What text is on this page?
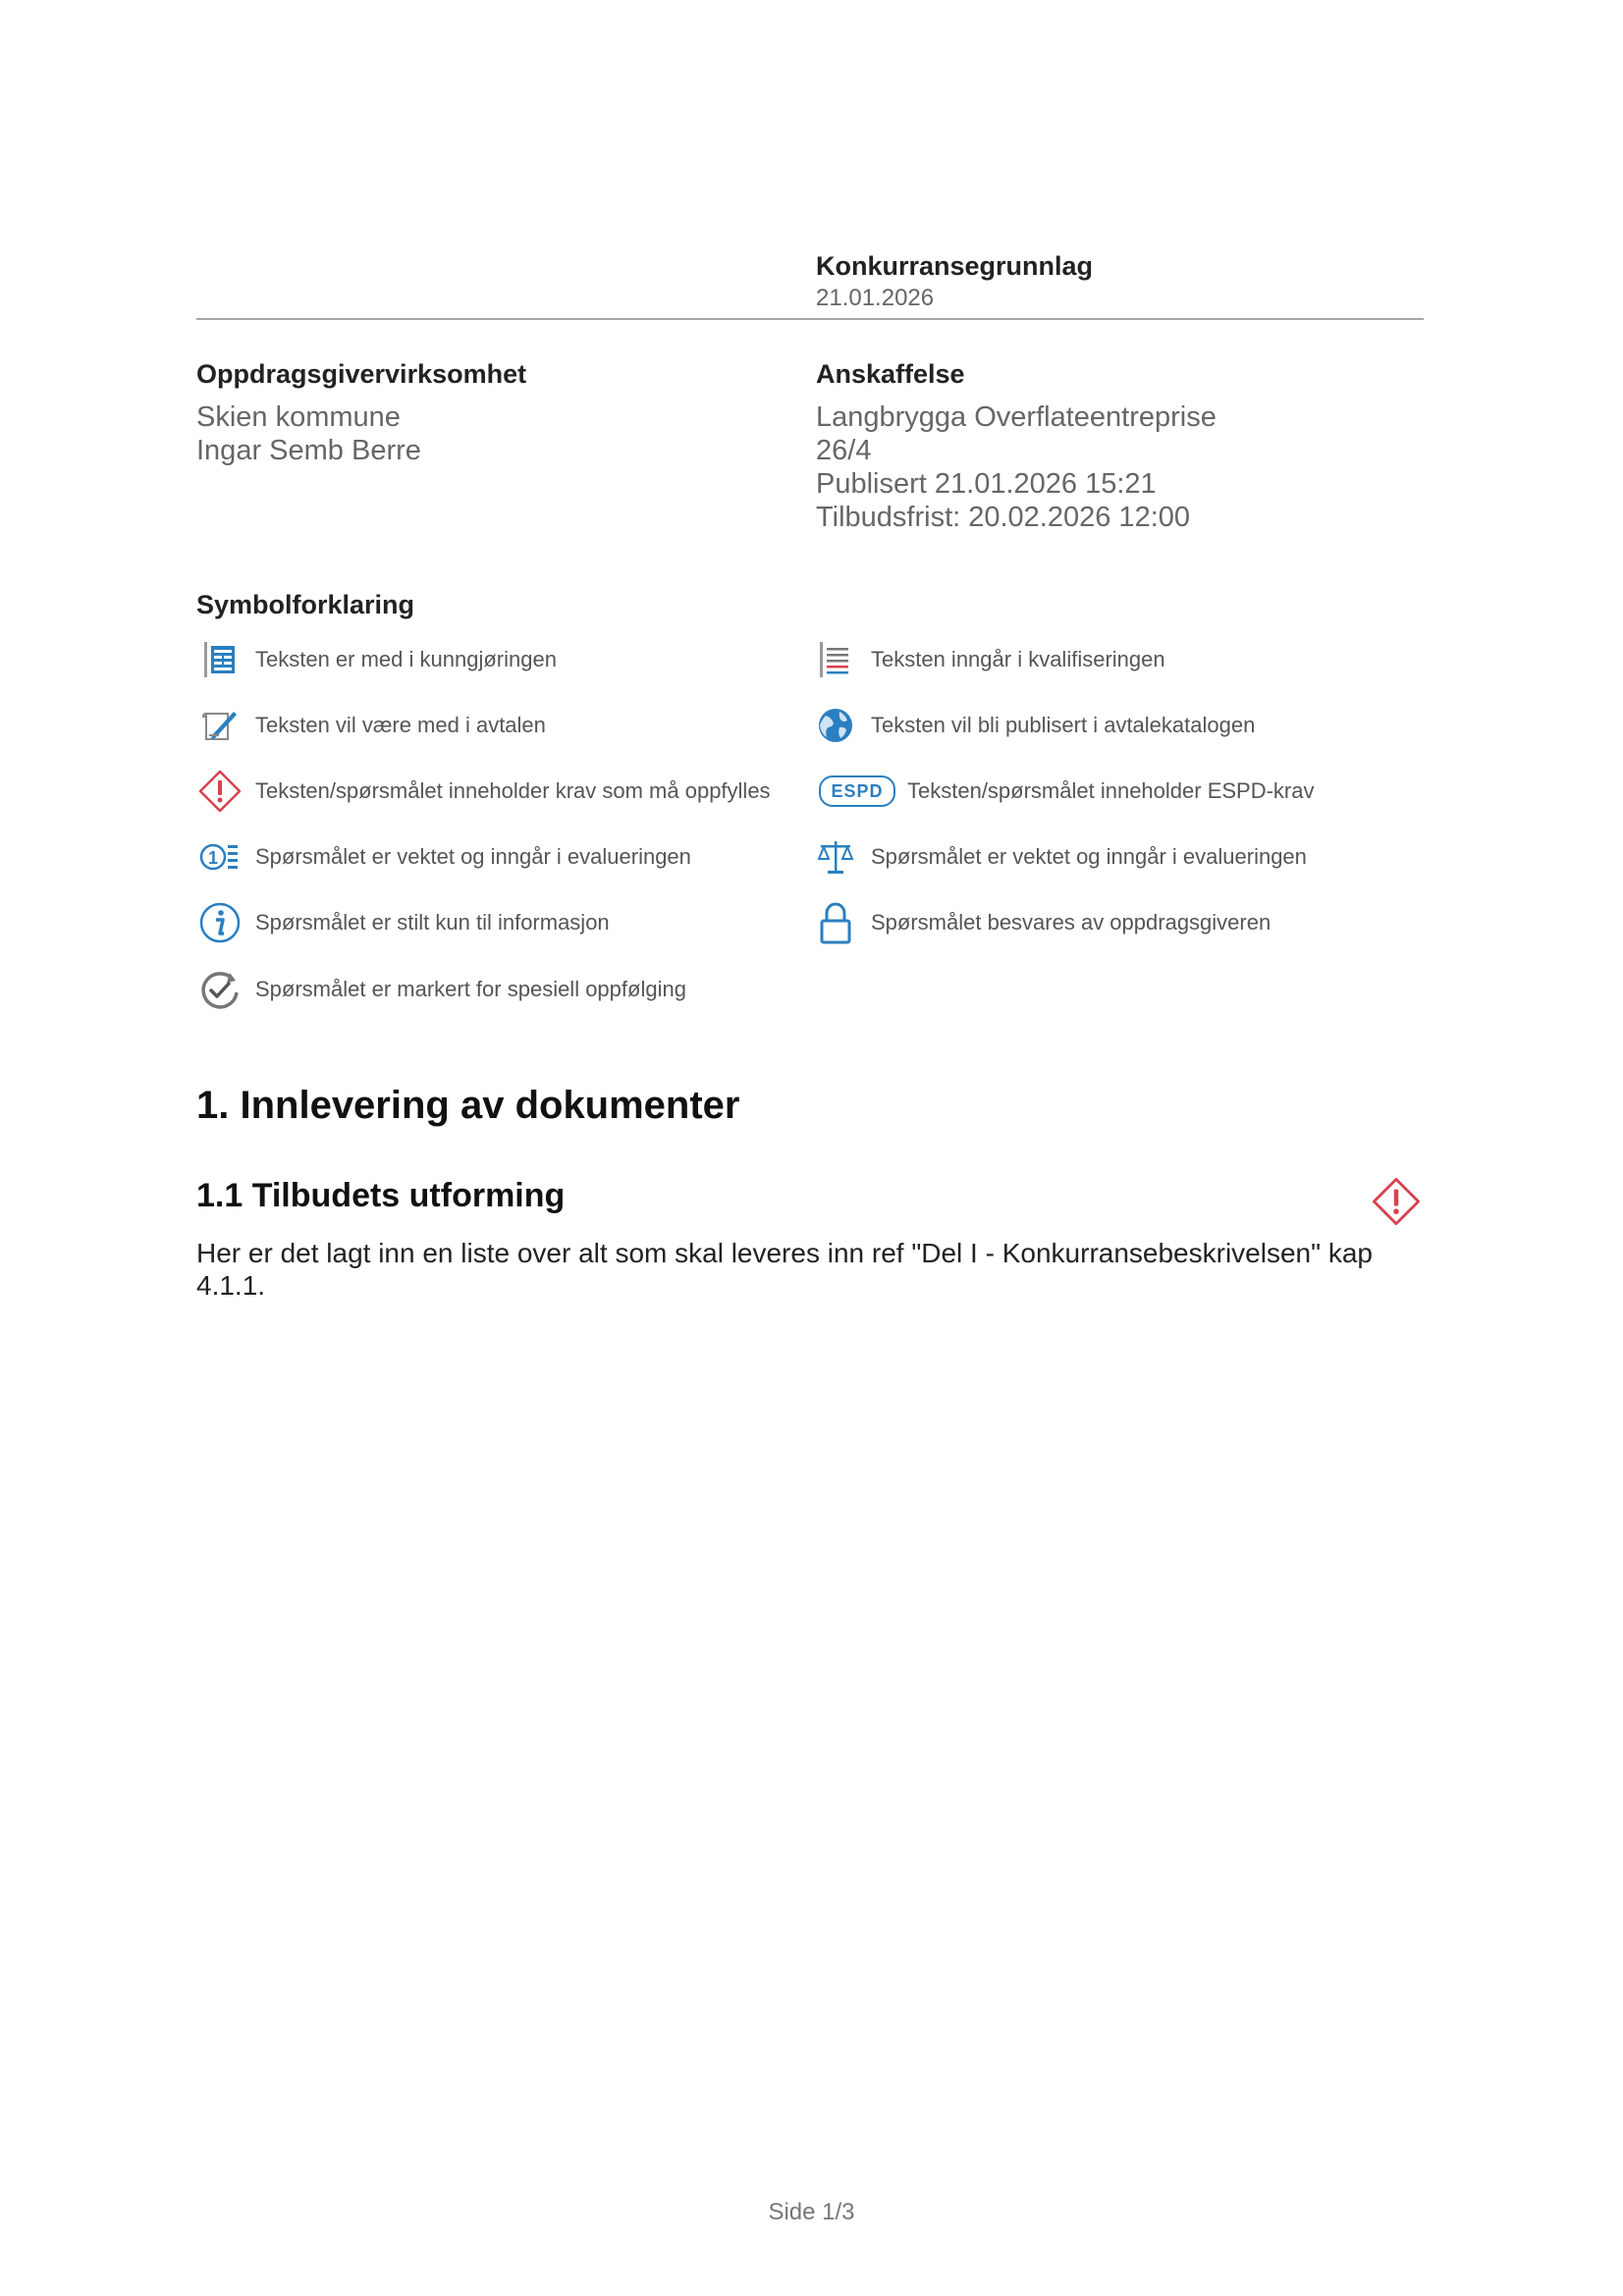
Konkurransegrunnlag
21.01.2026
Oppdragsgivervirksomhet
Skien kommune
Ingar Semb Berre
Anskaffelse
Langbrygga Overflateentreprise
26/4
Publisert 21.01.2026 15:21
Tilbudsfrist: 20.02.2026 12:00
Symbolforklaring
Teksten er med i kunngjøringen	Teksten inngår i kvalifiseringen
Teksten vil være med i avtalen	Teksten vil bli publisert i avtalekatalogen
Teksten/spørsmålet inneholder krav som må oppfylles	ESPD	Teksten/spørsmålet inneholder ESPD-krav
1 Spørsmålet er vektet og inngår i evalueringen	Spørsmålet er vektet og inngår i evalueringen
Spørsmålet er stilt kun til informasjon	Spørsmålet besvares av oppdragsgiveren
Spørsmålet er markert for spesiell oppfølging
1. Innlevering av dokumenter
1.1 Tilbudets utforming
Her er det lagt inn en liste over alt som skal leveres inn ref "Del I - Konkurransebeskrivelsen" kap 4.1.1.
Side 1/3
